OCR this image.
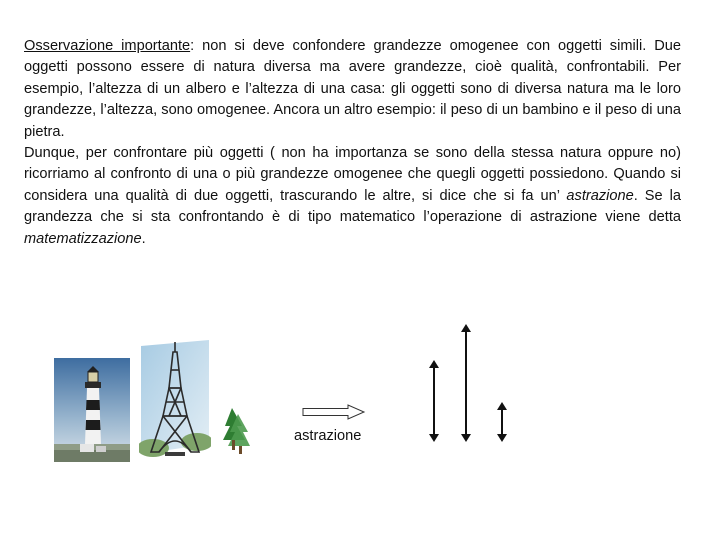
Osservazione importante: non si deve confondere grandezze omogenee con oggetti simili. Due oggetti possono essere di natura diversa ma avere grandezze, cioè qualità, confrontabili. Per esempio, l’altezza di un albero e l’altezza di una casa: gli oggetti sono di diversa natura ma le loro grandezze, l’altezza, sono omogenee. Ancora un altro esempio: il peso di un bambino e il peso di una pietra.

Dunque, per confrontare più oggetti ( non ha importanza se sono della stessa natura oppure no) ricorriamo al confronto di una o più grandezze omogenee che quegli oggetti possiedono. Quando si considera una qualità di due oggetti, trascurando le altre, si dice che si fa un’ astrazione. Se la grandezza che si sta confrontando è di tipo matematico l’operazione di astrazione viene detta matematizzazione.

astrazione
